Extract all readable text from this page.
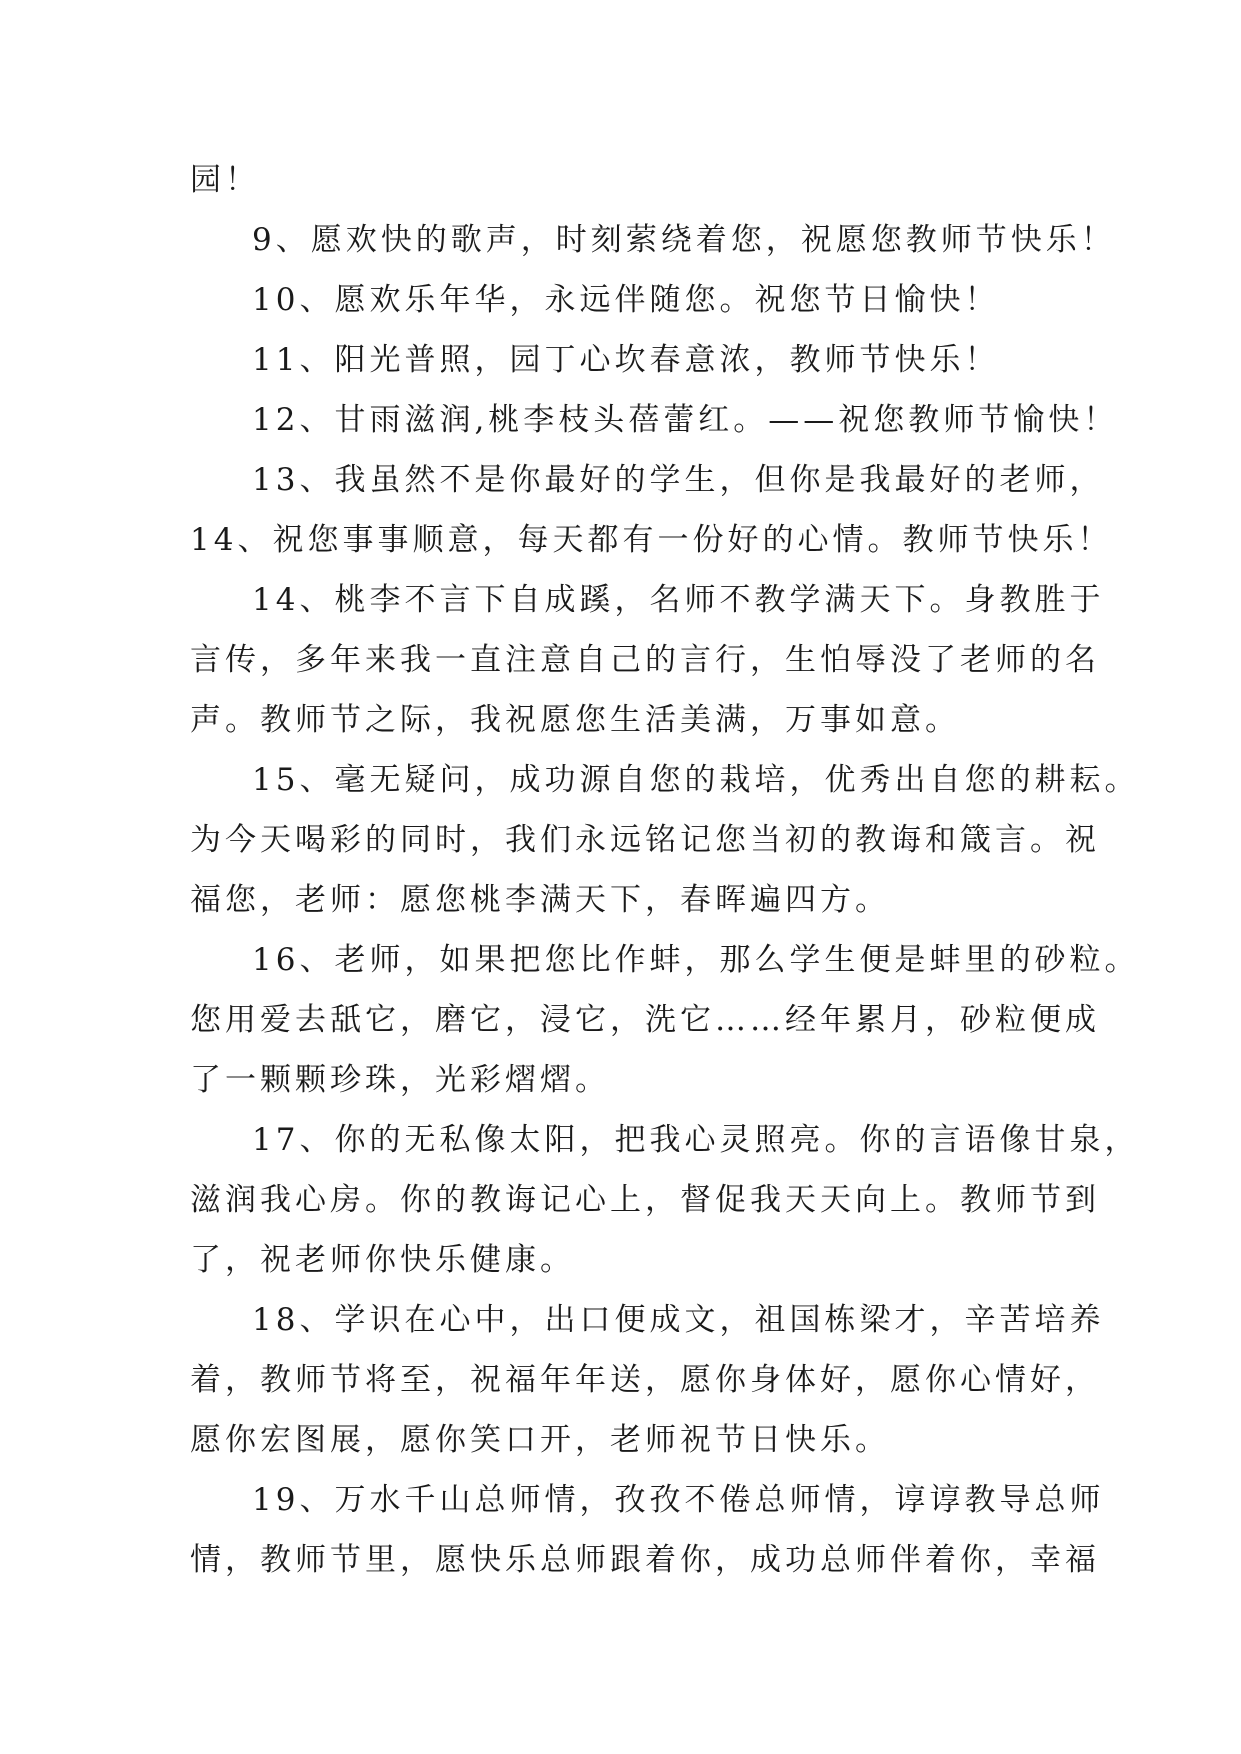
园！

9、愿欢快的歌声，时刻萦绕着您，祝愿您教师节快乐！

10、愿欢乐年华，永远伴随您。祝您节日愉快！

11、阳光普照，园丁心坎春意浓，教师节快乐！

12、甘雨滋润,桃李枝头蓓蕾红。——祝您教师节愉快！

13、我虽然不是你最好的学生，但你是我最好的老师，

14、祝您事事顺意，每天都有一份好的心情。教师节快乐！

14、桃李不言下自成蹊，名师不教学满天下。身教胜于

言传，多年来我一直注意自己的言行，生怕辱没了老师的名

声。教师节之际，我祝愿您生活美满，万事如意。

15、毫无疑问，成功源自您的栽培，优秀出自您的耕耘。

为今天喝彩的同时，我们永远铭记您当初的教诲和箴言。祝

福您，老师：愿您桃李满天下，春晖遍四方。

16、老师，如果把您比作蚌，那么学生便是蚌里的砂粒。

您用爱去舐它，磨它，浸它，洗它……经年累月，砂粒便成

了一颗颗珍珠，光彩熠熠。

17、你的无私像太阳，把我心灵照亮。你的言语像甘泉，

滋润我心房。你的教诲记心上，督促我天天向上。教师节到

了，祝老师你快乐健康。

18、学识在心中，出口便成文，祖国栋梁才，辛苦培养

着，教师节将至，祝福年年送，愿你身体好，愿你心情好，

愿你宏图展，愿你笑口开，老师祝节日快乐。

19、万水千山总师情，孜孜不倦总师情，谆谆教导总师

情，教师节里，愿快乐总师跟着你，成功总师伴着你，幸福
